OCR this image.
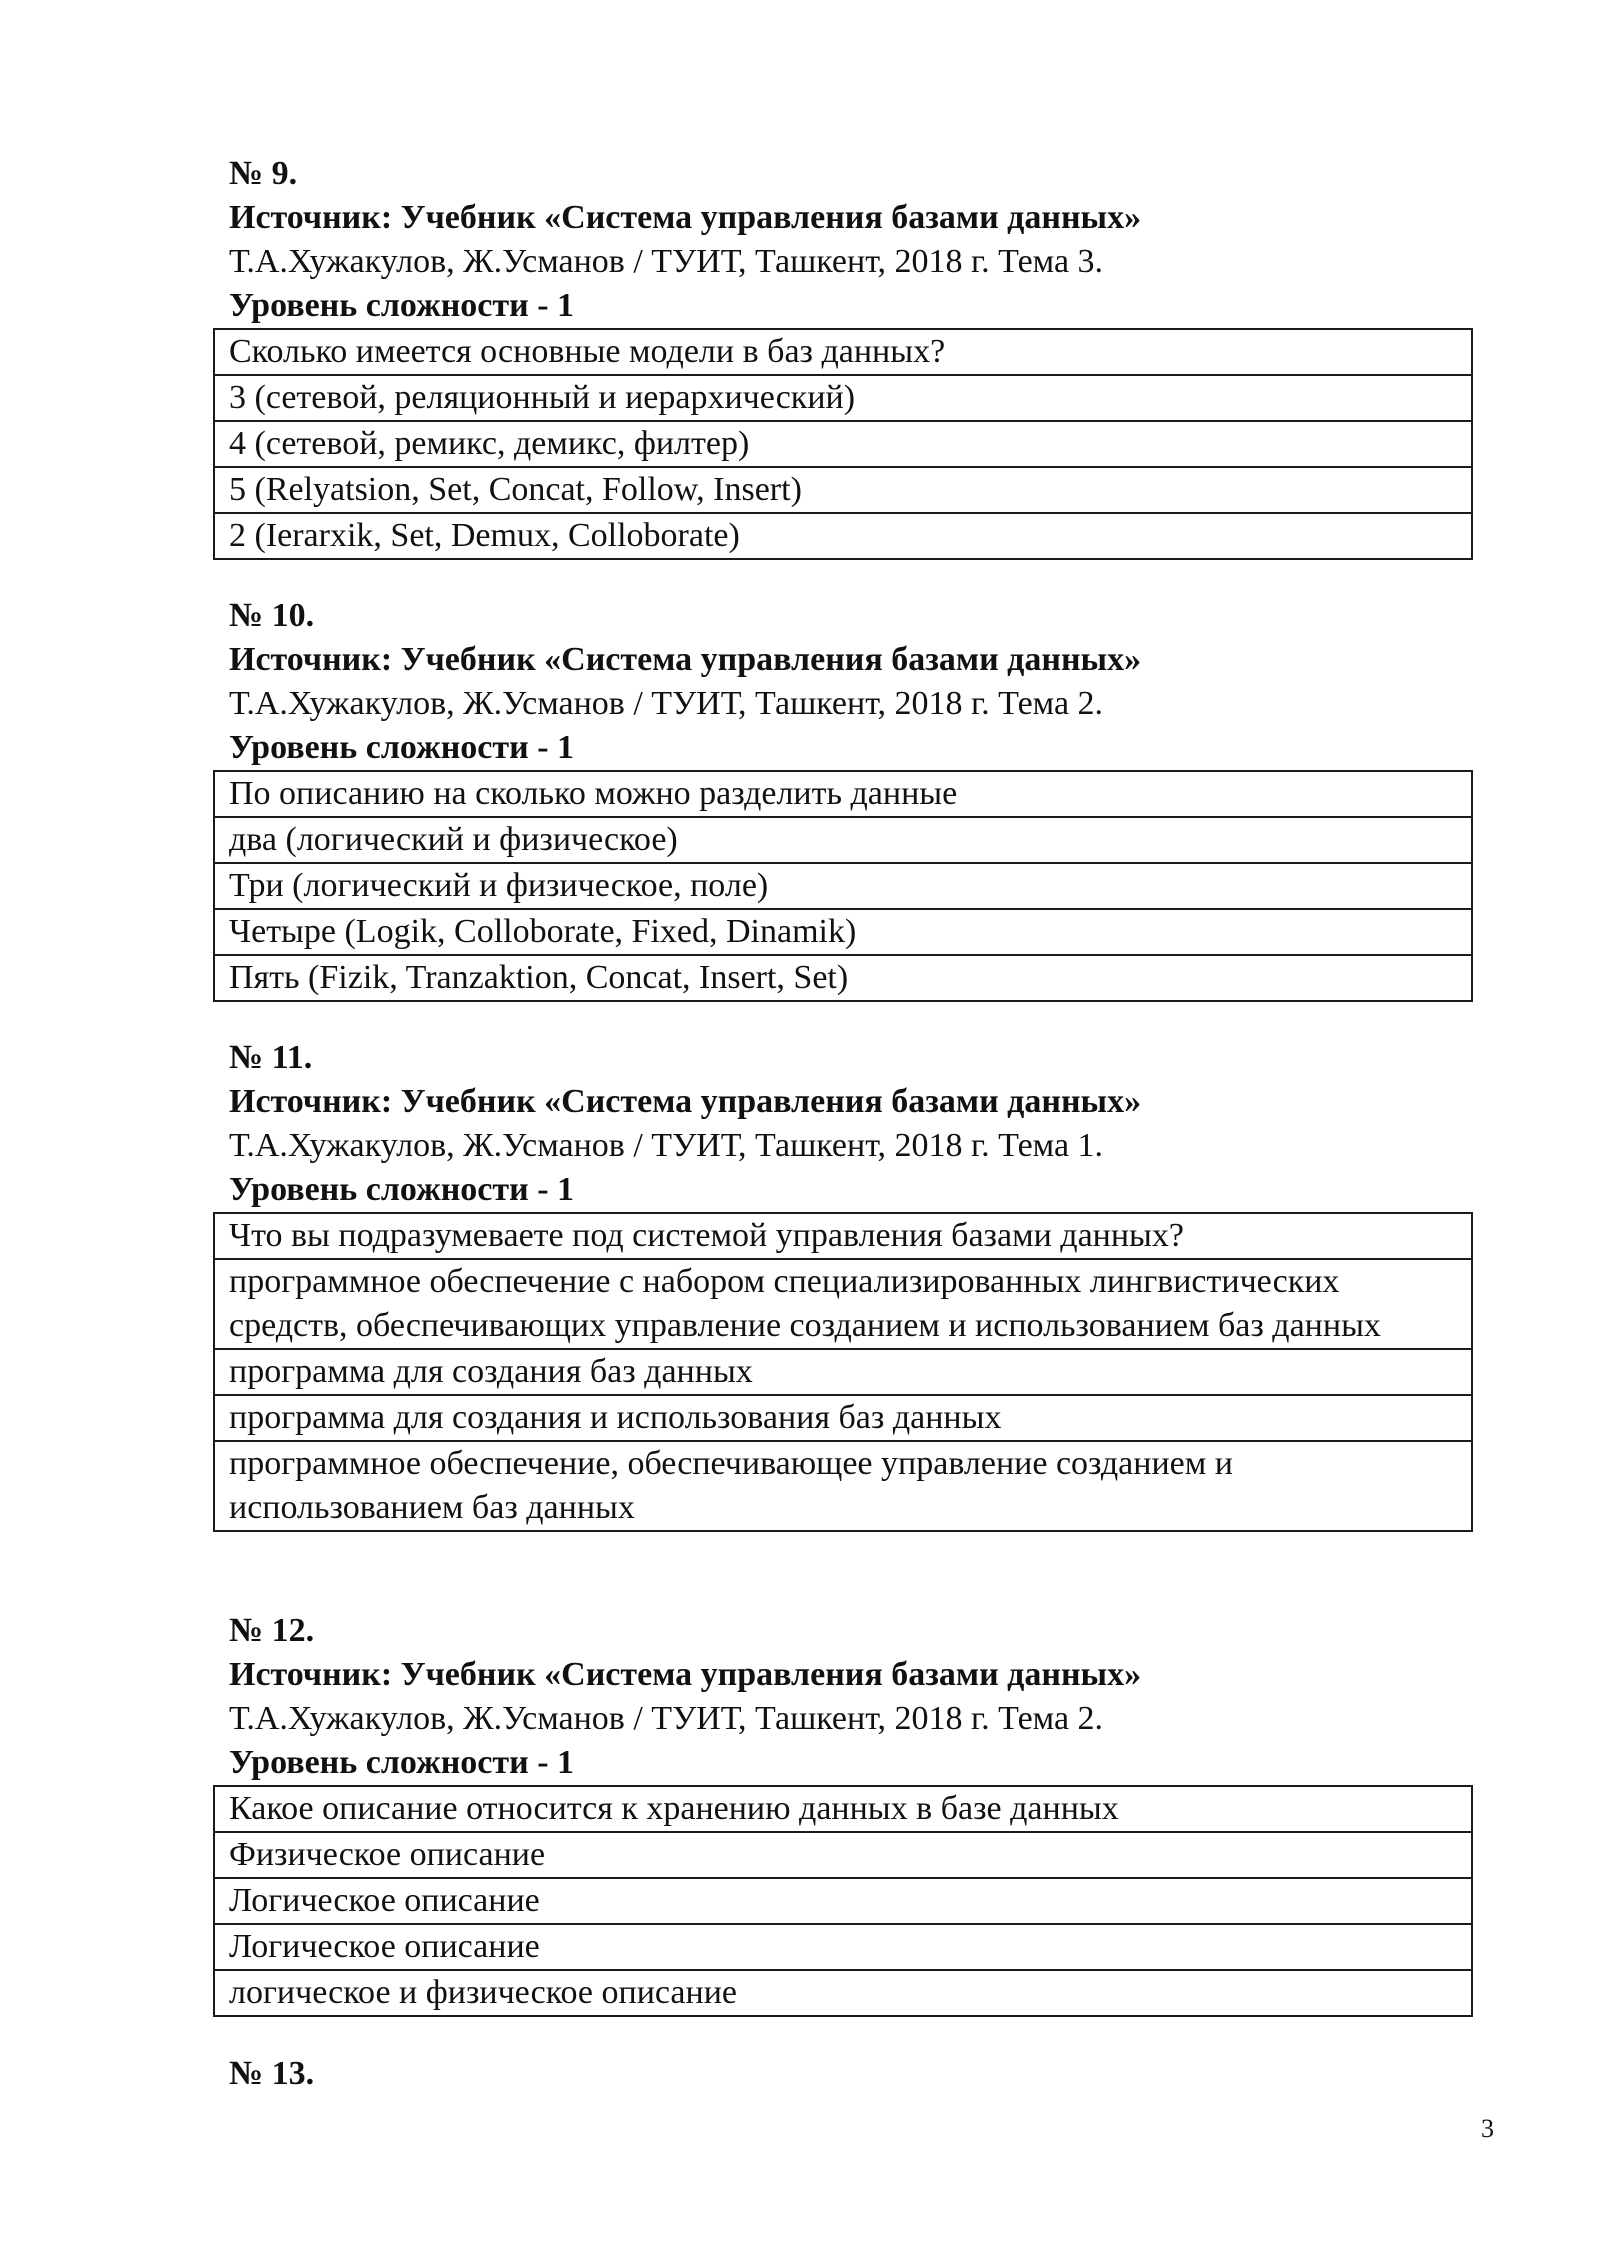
№ 9.
Источник: Учебник «Система управления базами данных»
Т.А.Хужакулов, Ж.Усманов / ТУИТ, Ташкент, 2018 г. Тема 3.
Уровень сложности - 1
Сколько имеется основные модели в баз данных?
3 (сетевой, реляционный и иерархический)
4 (сетевой, ремикс, демикс, филтер)
5 (Relyatsion, Set, Concat, Follow, Insert)
2 (Ierarxik, Set, Demux, Colloborate)
№ 10.
Источник: Учебник «Система управления базами данных»
Т.А.Хужакулов, Ж.Усманов / ТУИТ, Ташкент, 2018 г. Тема 2.
Уровень сложности - 1
По описанию на сколько можно разделить данные
два (логический и физическое)
Три (логический и физическое, поле)
Четыре (Logik, Colloborate, Fixed, Dinamik)
Пять (Fizik, Tranzaktion, Concat, Insert, Set)
№ 11.
Источник: Учебник «Система управления базами данных»
Т.А.Хужакулов, Ж.Усманов / ТУИТ, Ташкент, 2018 г. Тема 1.
Уровень сложности - 1
Что вы подразумеваете под системой управления базами данных?
программное обеспечение с набором специализированных лингвистических средств, обеспечивающих управление созданием и использованием баз данных
программа для создания баз данных
программа для создания и использования баз данных
программное обеспечение, обеспечивающее управление созданием и использованием баз данных
№ 12.
Источник: Учебник «Система управления базами данных»
Т.А.Хужакулов, Ж.Усманов / ТУИТ, Ташкент, 2018 г. Тема 2.
Уровень сложности - 1
Какое описание относится к хранению данных в базе данных
Физическое описание
Логическое описание
Логическое описание
логическое и физическое описание
№ 13.
3
